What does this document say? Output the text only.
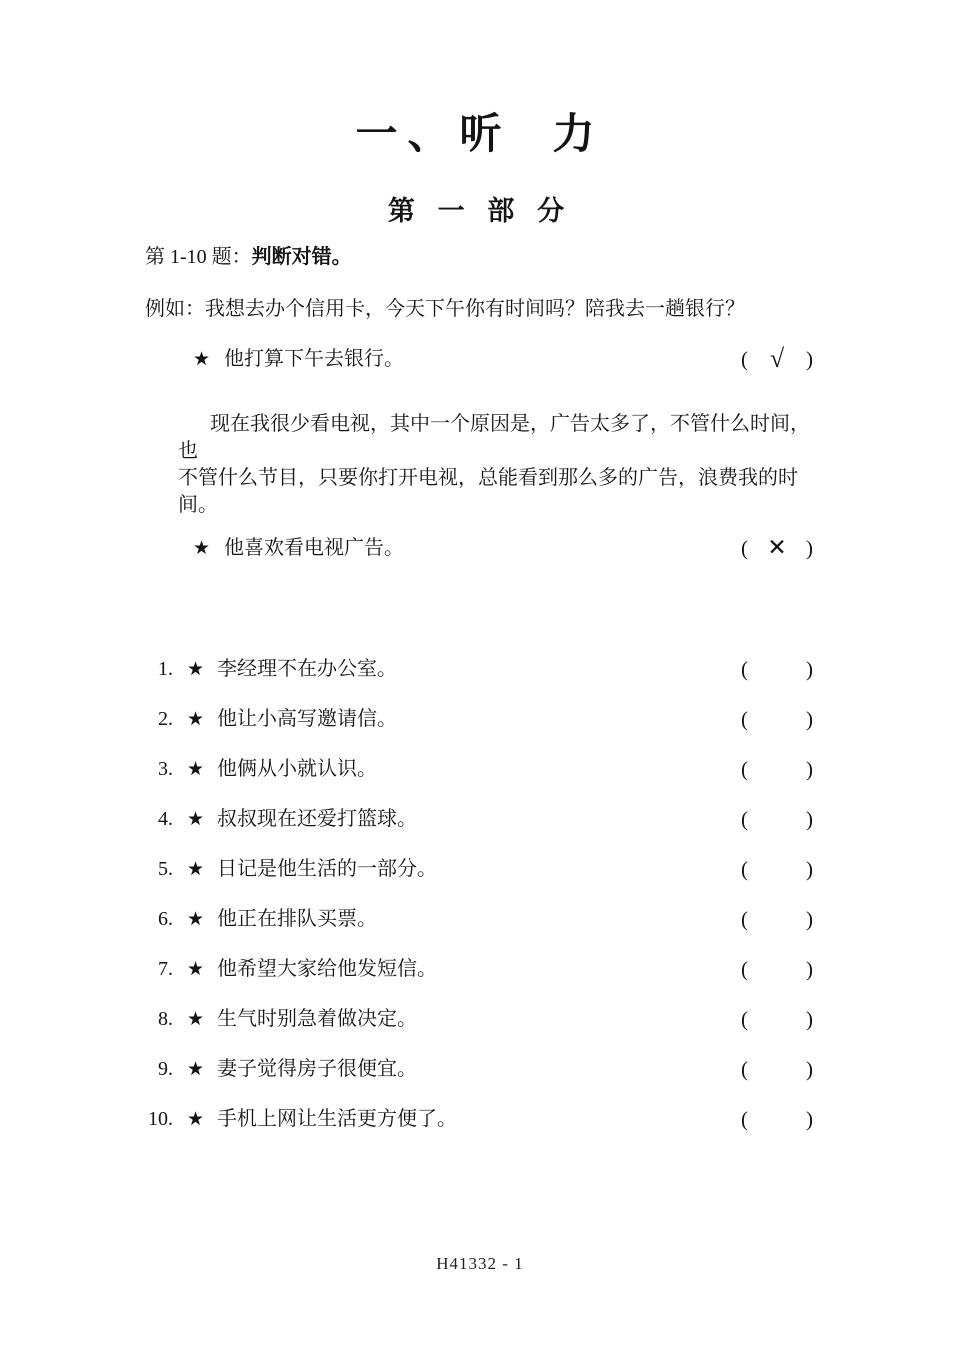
一、听  力
第 一 部 分
第 1-10 题：判断对错。
例如：我想去办个信用卡，今天下午你有时间吗？陪我去一趟银行？
★ 他打算下午去银行。	( √ )
现在我很少看电视，其中一个原因是，广告太多了，不管什么时间，也
不管什么节目，只要你打开电视，总能看到那么多的广告，浪费我的时间。
★ 他喜欢看电视广告。	( ✕ )
1. ★ 李经理不在办公室。	(	)
2. ★ 他让小高写邀请信。	(	)
3. ★ 他俩从小就认识。	(	)
4. ★ 叔叔现在还爱打篮球。	(	)
5. ★ 日记是他生活的一部分。	(	)
6. ★ 他正在排队买票。	(	)
7. ★ 他希望大家给他发短信。	(	)
8. ★ 生气时别急着做决定。	(	)
9. ★ 妻子觉得房子很便宜。	(	)
10. ★ 手机上网让生活更方便了。	(	)
H41332 - 1
